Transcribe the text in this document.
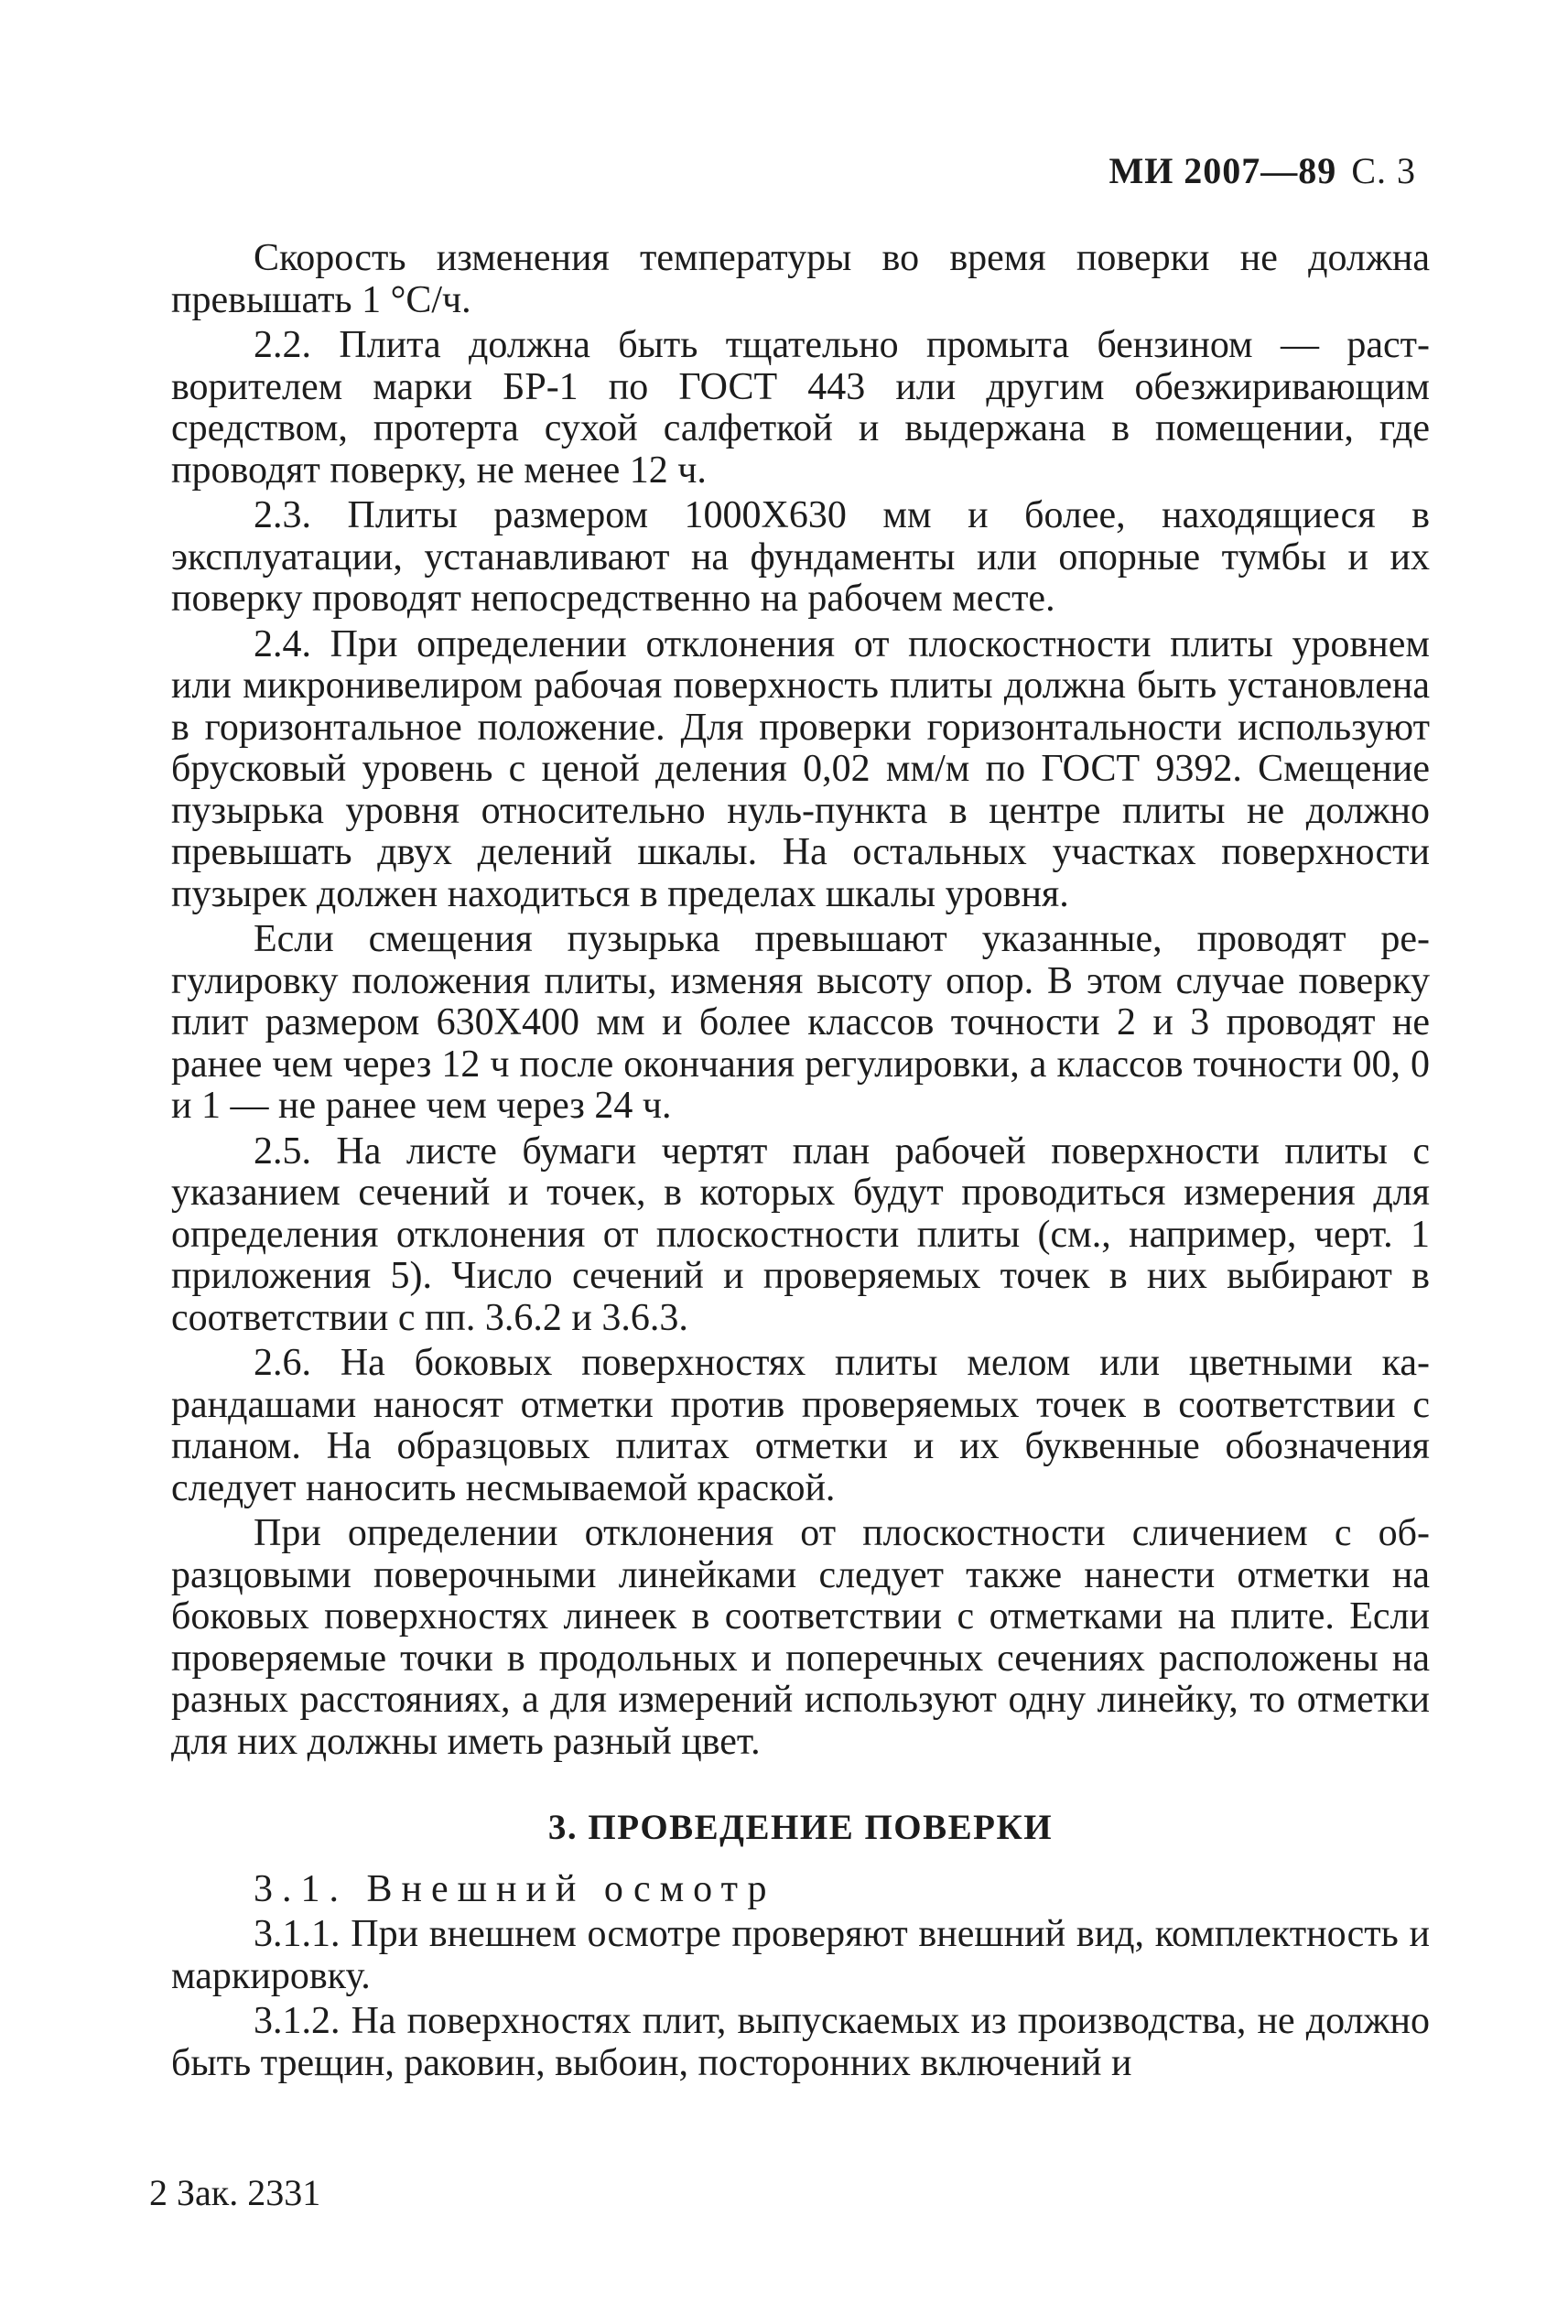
МИ 2007—89 С. 3

Скорость изменения температуры во время поверки не должна превышать 1 °С/ч.

2.2. Плита должна быть тщательно промыта бензином — растворителем марки БР-1 по ГОСТ 443 или другим обезжиривающим средством, протерта сухой салфеткой и выдержана в помещении, где проводят поверку, не менее 12 ч.

2.3. Плиты размером 1000Х630 мм и более, находящиеся в эксплуатации, устанавливают на фундаменты или опорные тумбы и их поверку проводят непосредственно на рабочем месте.

2.4. При определении отклонения от плоскостности плиты уровнем или микронивелиром рабочая поверхность плиты должна быть установлена в горизонтальное положение. Для проверки горизонтальности используют брусковый уровень с ценой деления 0,02 мм/м по ГОСТ 9392. Смещение пузырька уровня относительно нуль-пункта в центре плиты не должно превышать двух делений шкалы. На остальных участках поверхности пузырек должен находиться в пределах шкалы уровня.

Если смещения пузырька превышают указанные, проводят регулировку положения плиты, изменяя высоту опор. В этом случае поверку плит размером 630Х400 мм и более классов точности 2 и 3 проводят не ранее чем через 12 ч после окончания регулировки, а классов точности 00, 0 и 1 — не ранее чем через 24 ч.

2.5. На листе бумаги чертят план рабочей поверхности плиты с указанием сечений и точек, в которых будут проводиться измерения для определения отклонения от плоскостности плиты (см., например, черт. 1 приложения 5). Число сечений и проверяемых точек в них выбирают в соответствии с пп. 3.6.2 и 3.6.3.

2.6. На боковых поверхностях плиты мелом или цветными карандашами наносят отметки против проверяемых точек в соответствии с планом. На образцовых плитах отметки и их буквенные обозначения следует наносить несмываемой краской.

При определении отклонения от плоскостности сличением с образцовыми поверочными линейками следует также нанести отметки на боковых поверхностях линеек в соответствии с отметками на плите. Если проверяемые точки в продольных и поперечных сечениях расположены на разных расстояниях, а для измерений используют одну линейку, то отметки для них должны иметь разный цвет.

3. ПРОВЕДЕНИЕ ПОВЕРКИ

3.1. Внешний осмотр

3.1.1. При внешнем осмотре проверяют внешний вид, комплектность и маркировку.

3.1.2. На поверхностях плит, выпускаемых из производства, не должно быть трещин, раковин, выбоин, посторонних включений и

2 Зак. 2331
